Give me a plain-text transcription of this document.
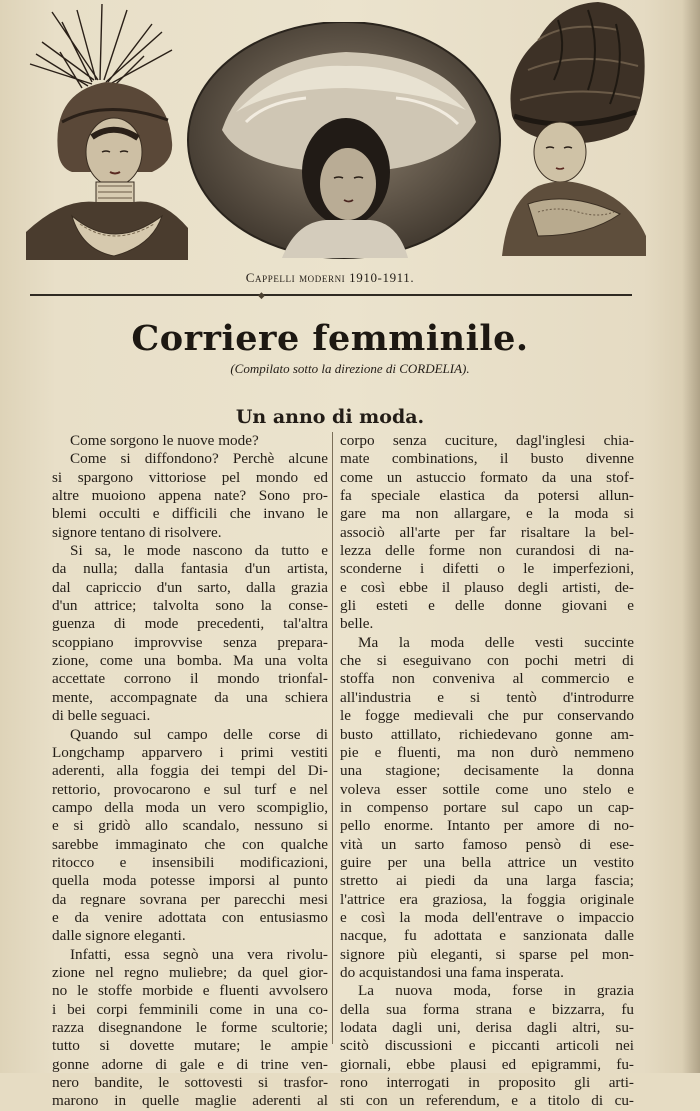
Cappelli moderni 1910-1911.
◆
Corriere femminile.
(Compilato sotto la direzione di CORDELIA).
Un anno di moda.
Come sorgono le nuove mode?
Come si diffondono? Perchè alcune
si spargono vittoriose pel mondo ed
altre muoiono appena nate? Sono pro-
blemi occulti e difficili che invano le
signore tentano di risolvere.
Si sa, le mode nascono da tutto e
da nulla; dalla fantasia d'un artista,
dal capriccio d'un sarto, dalla grazia
d'un attrice; talvolta sono la conse-
guenza di mode precedenti, tal'altra
scoppiano improvvise senza prepara-
zione, come una bomba. Ma una volta
accettate corrono il mondo trionfal-
mente, accompagnate da una schiera
di belle seguaci.
Quando sul campo delle corse di
Longchamp apparvero i primi vestiti
aderenti, alla foggia dei tempi del Di-
rettorio, provocarono e sul turf e nel
campo della moda un vero scompiglio,
e si gridò allo scandalo, nessuno si
sarebbe immaginato che con qualche
ritocco e insensibili modificazioni,
quella moda potesse imporsi al punto
da regnare sovrana per parecchi mesi
e da venire adottata con entusiasmo
dalle signore eleganti.
Infatti, essa segnò una vera rivolu-
zione nel regno muliebre; da quel gior-
no le stoffe morbide e fluenti avvolsero
i bei corpi femminili come in una co-
razza disegnandone le forme scultorie;
tutto si dovette mutare; le ampie
gonne adorne di gale e di trine ven-
nero bandite, le sottovesti si trasfor-
marono in quelle maglie aderenti al
corpo senza cuciture, dagl'inglesi chia-
mate combinations, il busto divenne
come un astuccio formato da una stof-
fa speciale elastica da potersi allun-
gare ma non allargare, e la moda si
associò all'arte per far risaltare la bel-
lezza delle forme non curandosi di na-
sconderne i difetti o le imperfezioni,
e così ebbe il plauso degli artisti, de-
gli esteti e delle donne giovani e
belle.
Ma la moda delle vesti succinte
che si eseguivano con pochi metri di
stoffa non conveniva al commercio e
all'industria e si tentò d'introdurre
le fogge medievali che pur conservando
busto attillato, richiedevano gonne am-
pie e fluenti, ma non durò nemmeno
una stagione; decisamente la donna
voleva esser sottile come uno stelo e
in compenso portare sul capo un cap-
pello enorme. Intanto per amore di no-
vità un sarto famoso pensò di ese-
guire per una bella attrice un vestito
stretto ai piedi da una larga fascia;
l'attrice era graziosa, la foggia originale
e così la moda dell'entrave o impaccio
nacque, fu adottata e sanzionata dalle
signore più eleganti, si sparse pel mon-
do acquistandosi una fama insperata.
La nuova moda, forse in grazia
della sua forma strana e bizzarra, fu
lodata dagli uni, derisa dagli altri, su-
scitò discussioni e piccanti articoli nei
giornali, ebbe plausi ed epigrammi, fu-
rono interrogati in proposito gli arti-
sti con un referendum, e a titolo di cu-
